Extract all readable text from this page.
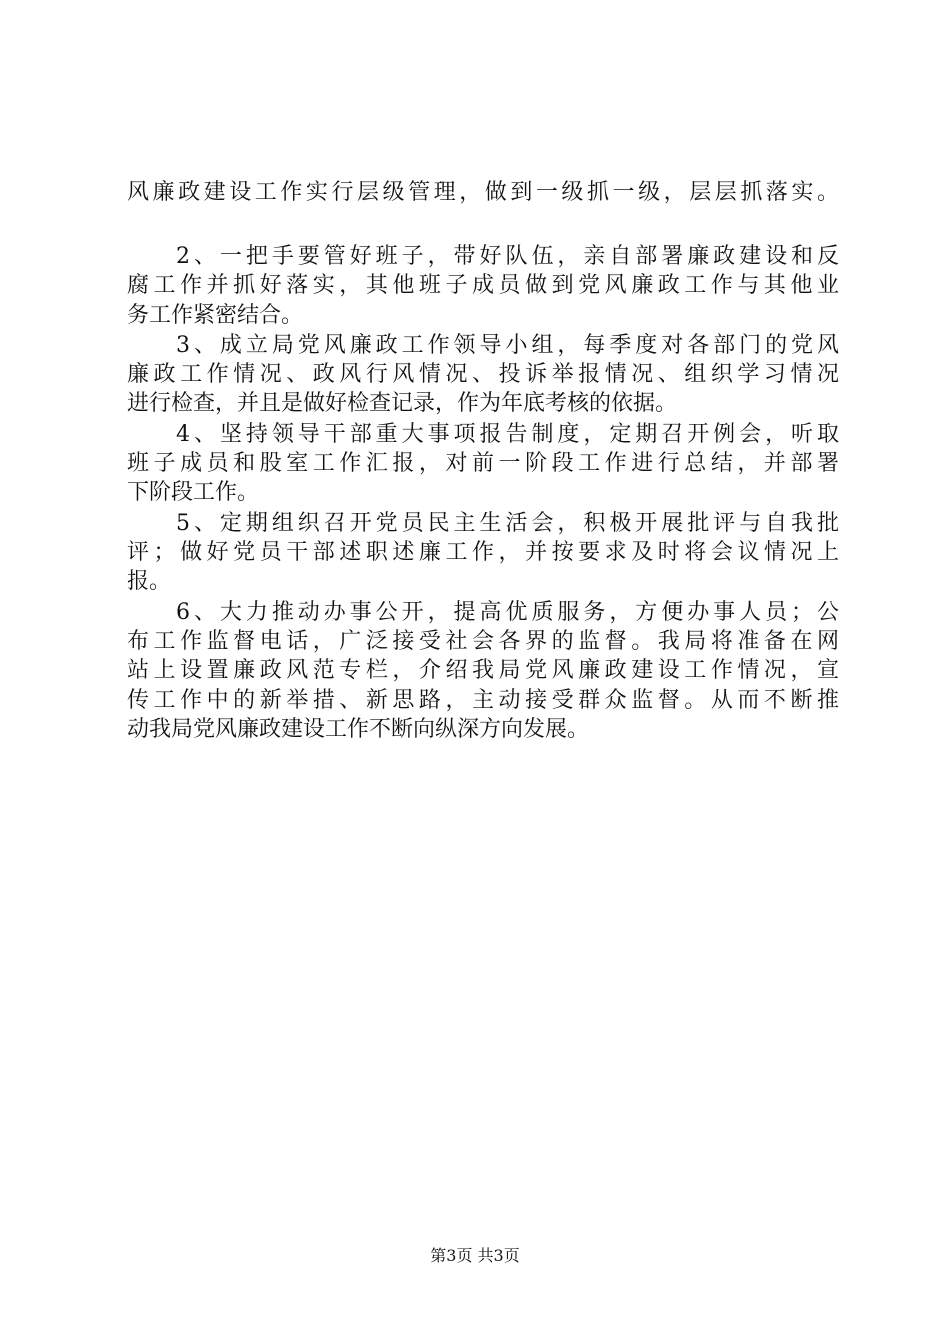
风廉政建设工作实行层级管理，做到一级抓一级，层层抓落实。
2、一把手要管好班子，带好队伍，亲自部署廉政建设和反
腐工作并抓好落实，其他班子成员做到党风廉政工作与其他业
务工作紧密结合。
3、成立局党风廉政工作领导小组，每季度对各部门的党风
廉政工作情况、政风行风情况、投诉举报情况、组织学习情况
进行检查，并且是做好检查记录，作为年底考核的依据。
4、坚持领导干部重大事项报告制度，定期召开例会，听取
班子成员和股室工作汇报，对前一阶段工作进行总结，并部署
下阶段工作。
5、定期组织召开党员民主生活会，积极开展批评与自我批
评；做好党员干部述职述廉工作，并按要求及时将会议情况上
报。
6、大力推动办事公开，提高优质服务，方便办事人员；公
布工作监督电话，广泛接受社会各界的监督。我局将准备在网
站上设置廉政风范专栏，介绍我局党风廉政建设工作情况，宣
传工作中的新举措、新思路，主动接受群众监督。从而不断推
动我局党风廉政建设工作不断向纵深方向发展。
第3页 共3页
